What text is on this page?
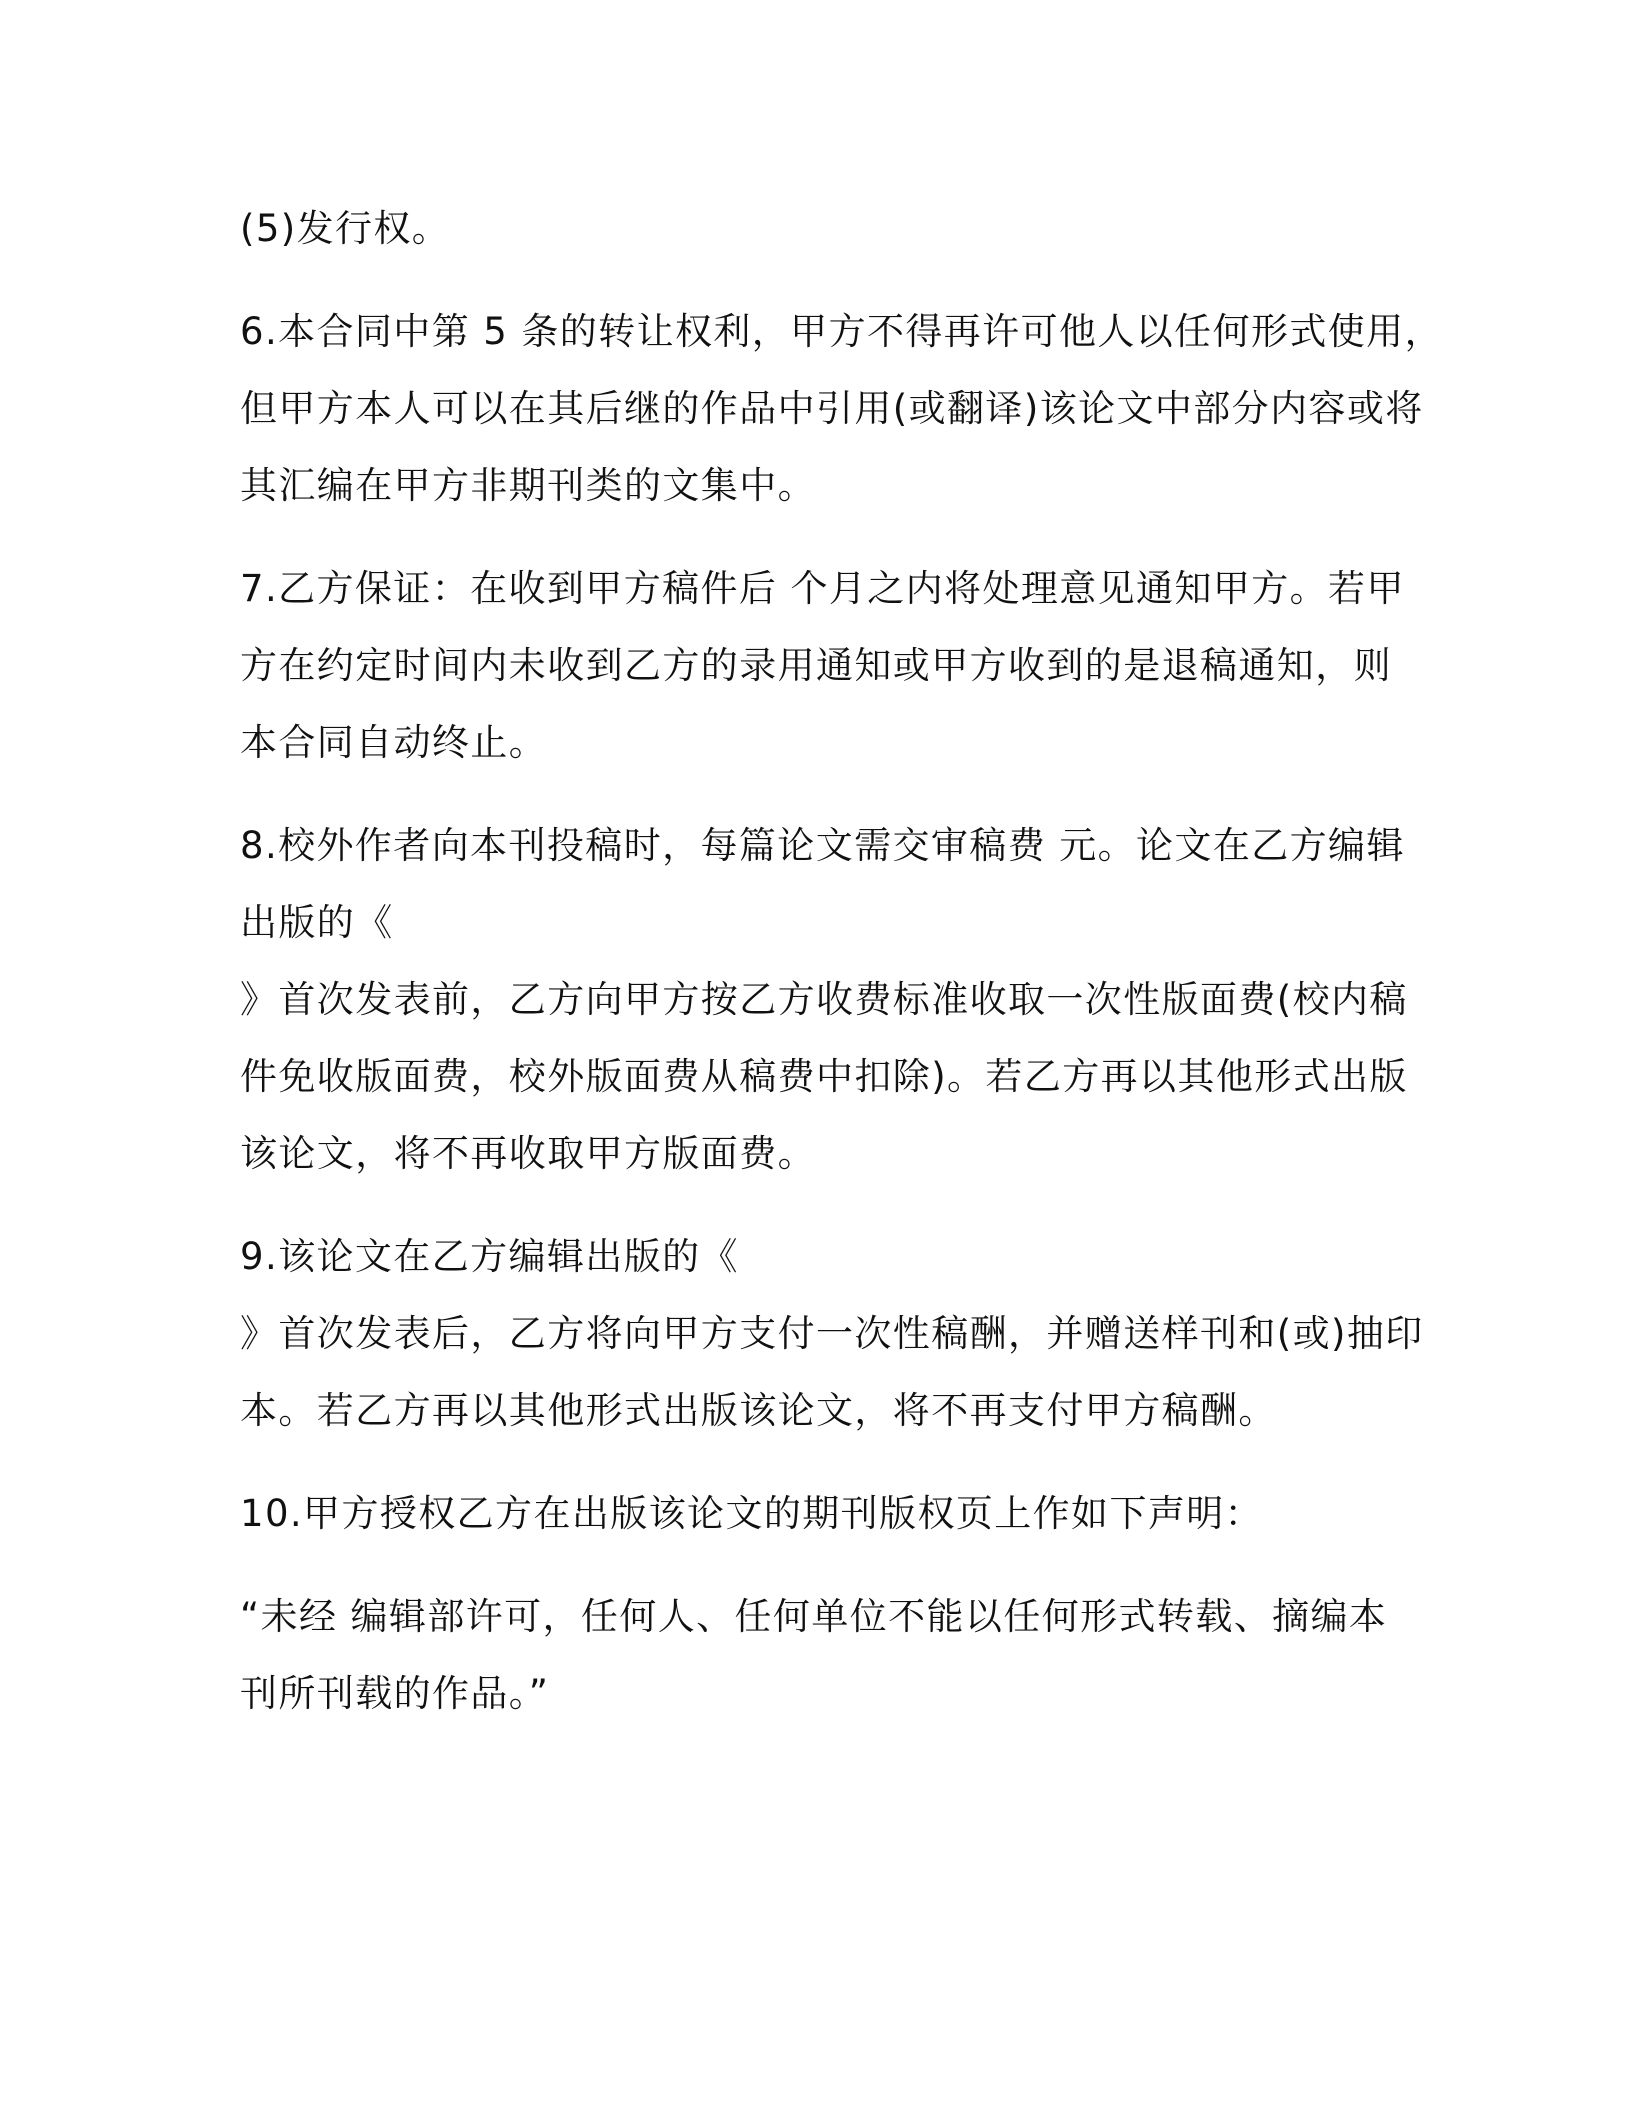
(5)发行权。
6.本合同中第 5 条的转让权利，甲方不得再许可他人以任何形式使用，
但甲方本人可以在其后继的作品中引用(或翻译)该论文中部分内容或将
其汇编在甲方非期刊类的文集中。
7.乙方保证：在收到甲方稿件后 个月之内将处理意见通知甲方。若甲
方在约定时间内未收到乙方的录用通知或甲方收到的是退稿通知，则
本合同自动终止。
8.校外作者向本刊投稿时，每篇论文需交审稿费 元。论文在乙方编辑
出版的《
》首次发表前，乙方向甲方按乙方收费标准收取一次性版面费(校内稿
件免收版面费，校外版面费从稿费中扣除)。若乙方再以其他形式出版
该论文，将不再收取甲方版面费。
9.该论文在乙方编辑出版的《
》首次发表后，乙方将向甲方支付一次性稿酬，并赠送样刊和(或)抽印
本。若乙方再以其他形式出版该论文，将不再支付甲方稿酬。
10.甲方授权乙方在出版该论文的期刊版权页上作如下声明：
“未经 编辑部许可，任何人、任何单位不能以任何形式转载、摘编本
刊所刊载的作品。”
